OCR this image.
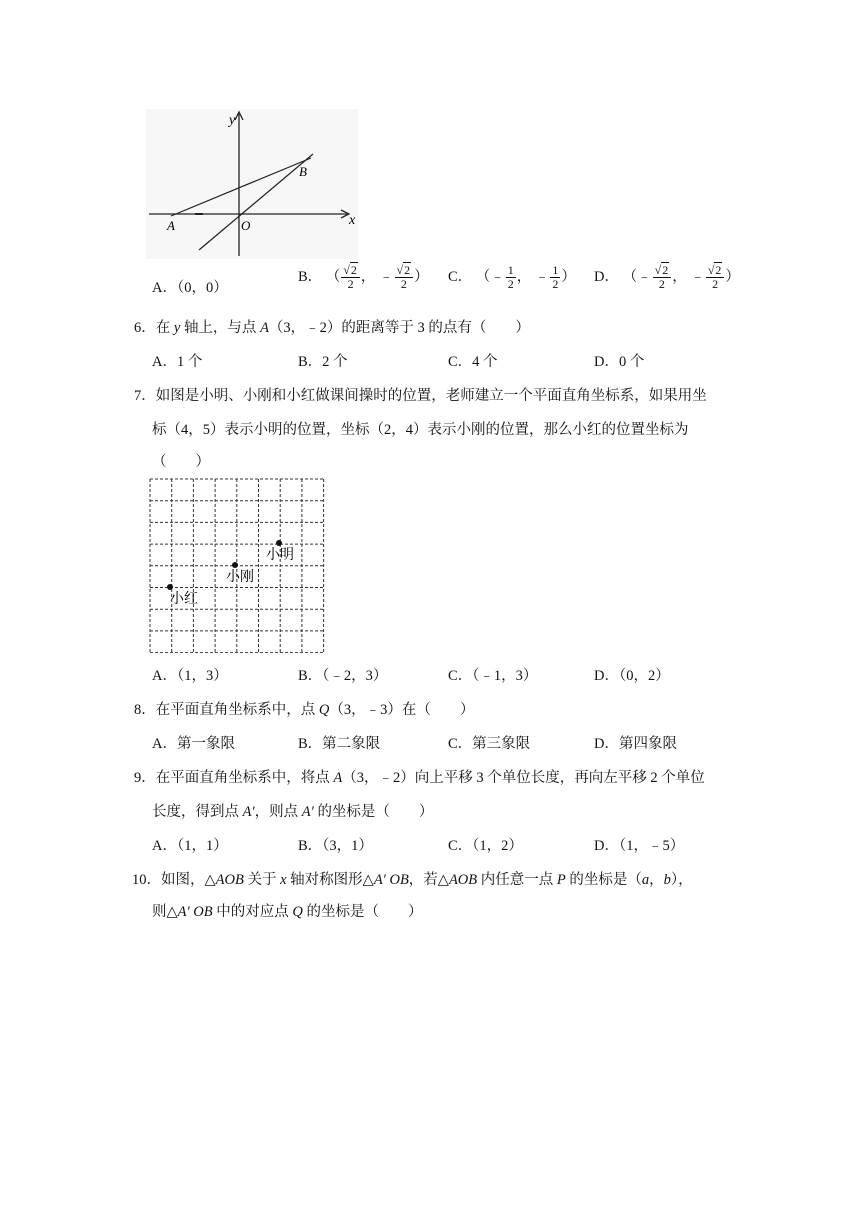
y
x
A	O
B
A．（0，0）
B． （ $\frac{√2}{2}$ ， ﹣ $\frac{√2}{2}$ ） C． （﹣ $\frac{1}{2}$ ， ﹣ $\frac{1}{2}$ ） D． （﹣ $\frac{√2}{2}$ ， ﹣ $\frac{√2}{2}$ ）
6．在 y 轴上，与点 A（3，﹣2）的距离等于 3 的点有（　　）
A．1 个	B．2 个	C．4 个	D．0 个
7．如图是小明、小刚和小红做课间操时的位置，老师建立一个平面直角坐标系，如果用坐
标（4，5）表示小明的位置，坐标（2，4）表示小刚的位置，那么小红的位置坐标为
（　　）
小明
小刚
小红
A．（1，3）	B．（﹣2，3）	C．（﹣1，3）	D．（0，2）
8．在平面直角坐标系中，点 Q（3，﹣3）在（　　）
A．第一象限	B．第二象限	C．第三象限	D．第四象限
9．在平面直角坐标系中，将点 A（3，﹣2）向上平移 3 个单位长度，再向左平移 2 个单位
长度，得到点 A′，则点 A′ 的坐标是（　　）
A．（1，1）	B．（3，1）	C．（1，2）	D．（1，﹣5）
10．如图，△AOB 关于 x 轴对称图形△A′ OB，若△AOB 内任意一点 P 的坐标是（a，b），
则△A′ OB 中的对应点 Q 的坐标是（　　）
